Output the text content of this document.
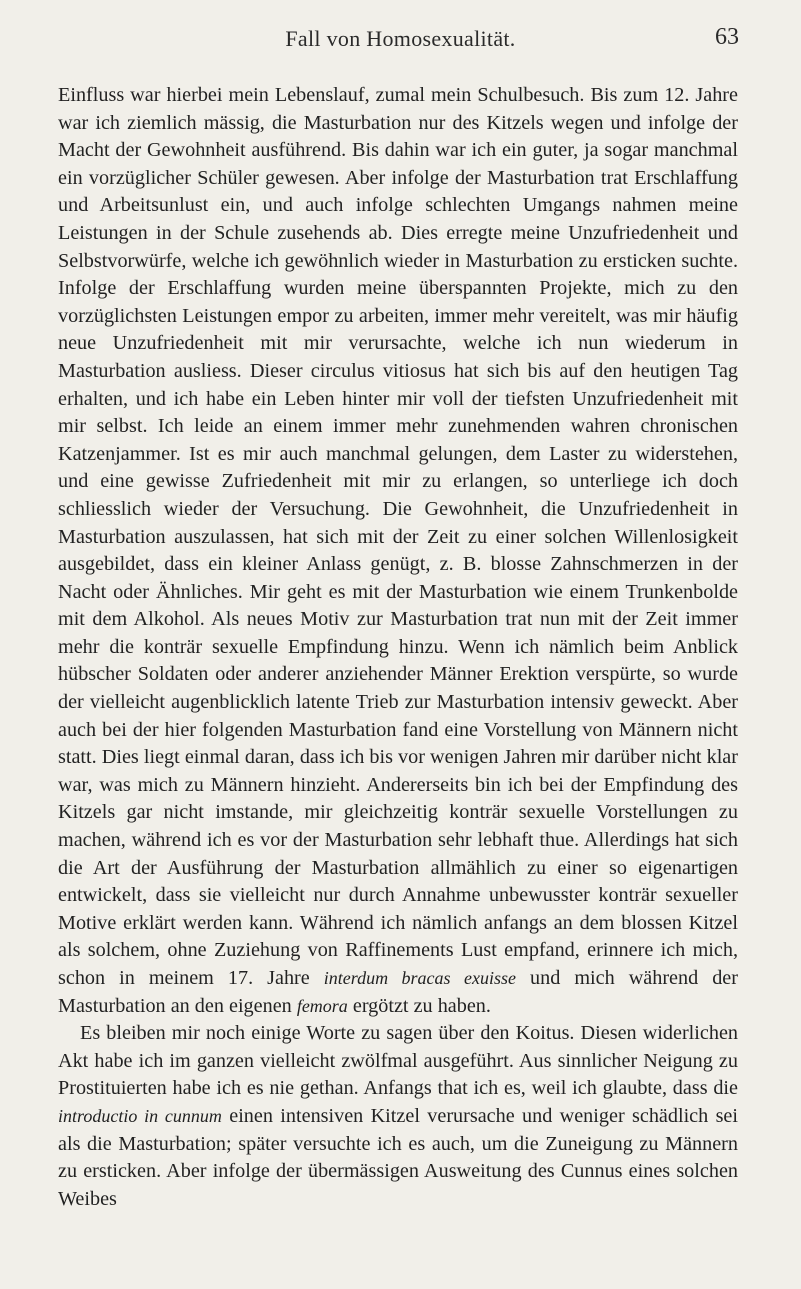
Fall von Homosexualität.	63

Einfluss war hierbei mein Lebenslauf, zumal mein Schulbesuch. Bis zum 12. Jahre war ich ziemlich mässig, die Masturbation nur des Kitzels wegen und infolge der Macht der Gewohnheit ausführend. Bis dahin war ich ein guter, ja sogar manchmal ein vorzüglicher Schüler gewesen. Aber infolge der Masturbation trat Erschlaffung und Arbeitsunlust ein, und auch infolge schlechten Umgangs nahmen meine Leistungen in der Schule zusehends ab. Dies erregte meine Unzufriedenheit und Selbstvorwürfe, welche ich gewöhnlich wieder in Masturbation zu ersticken suchte. Infolge der Erschlaffung wurden meine überspannten Projekte, mich zu den vorzüglichsten Leistungen empor zu arbeiten, immer mehr vereitelt, was mir häufig neue Unzufriedenheit mit mir verursachte, welche ich nun wiederum in Masturbation ausliess. Dieser circulus vitiosus hat sich bis auf den heutigen Tag erhalten, und ich habe ein Leben hinter mir voll der tiefsten Unzufriedenheit mit mir selbst. Ich leide an einem immer mehr zunehmenden wahren chronischen Katzenjammer. Ist es mir auch manchmal gelungen, dem Laster zu widerstehen, und eine gewisse Zufriedenheit mit mir zu erlangen, so unterliege ich doch schliesslich wieder der Versuchung. Die Gewohnheit, die Unzufriedenheit in Masturbation auszulassen, hat sich mit der Zeit zu einer solchen Willenlosigkeit ausgebildet, dass ein kleiner Anlass genügt, z. B. blosse Zahnschmerzen in der Nacht oder Ähnliches. Mir geht es mit der Masturbation wie einem Trunkenbolde mit dem Alkohol. Als neues Motiv zur Masturbation trat nun mit der Zeit immer mehr die konträr sexuelle Empfindung hinzu. Wenn ich nämlich beim Anblick hübscher Soldaten oder anderer anziehender Männer Erektion verspürte, so wurde der vielleicht augenblicklich latente Trieb zur Masturbation intensiv geweckt. Aber auch bei der hier folgenden Masturbation fand eine Vorstellung von Männern nicht statt. Dies liegt einmal daran, dass ich bis vor wenigen Jahren mir darüber nicht klar war, was mich zu Männern hinzieht. Andererseits bin ich bei der Empfindung des Kitzels gar nicht imstande, mir gleichzeitig konträr sexuelle Vorstellungen zu machen, während ich es vor der Masturbation sehr lebhaft thue. Allerdings hat sich die Art der Ausführung der Masturbation allmählich zu einer so eigenartigen entwickelt, dass sie vielleicht nur durch Annahme unbewusster konträr sexueller Motive erklärt werden kann. Während ich nämlich anfangs an dem blossen Kitzel als solchem, ohne Zuziehung von Raffinements Lust empfand, erinnere ich mich, schon in meinem 17. Jahre interdum bracas exuisse und mich während der Masturbation an den eigenen femora ergötzt zu haben.

Es bleiben mir noch einige Worte zu sagen über den Koitus. Diesen widerlichen Akt habe ich im ganzen vielleicht zwölfmal ausgeführt. Aus sinnlicher Neigung zu Prostituierten habe ich es nie gethan. Anfangs that ich es, weil ich glaubte, dass die introductio in cunnum einen intensiven Kitzel verursache und weniger schädlich sei als die Masturbation; später versuchte ich es auch, um die Zuneigung zu Männern zu ersticken. Aber infolge der übermässigen Ausweitung des Cunnus eines solchen Weibes
